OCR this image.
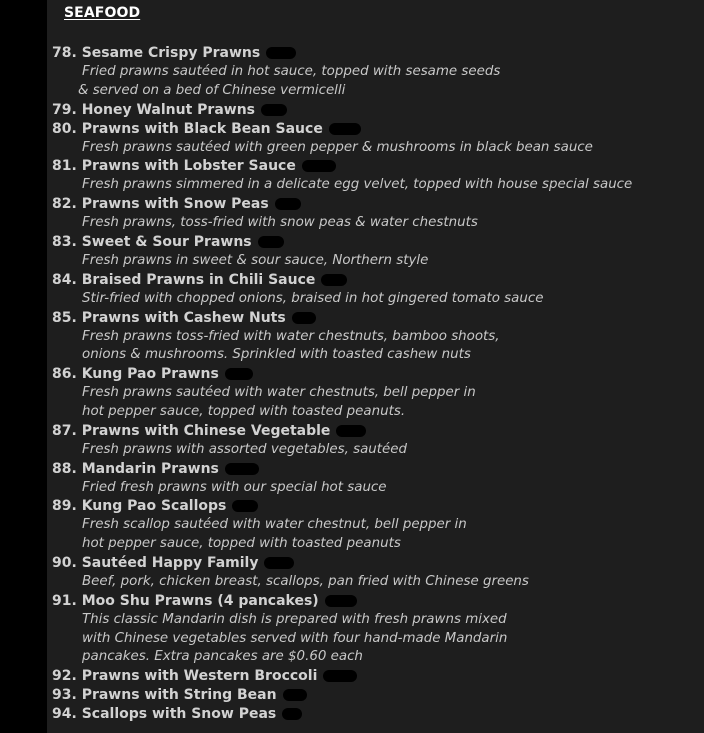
SEAFOOD
78. Sesame Crispy Prawns
Fried prawns sautéed in hot sauce, topped with sesame seeds
& served on a bed of Chinese vermicelli
79. Honey Walnut Prawns
80. Prawns with Black Bean Sauce
Fresh prawns sautéed with green pepper & mushrooms in black bean sauce
81. Prawns with Lobster Sauce
Fresh prawns simmered in a delicate egg velvet, topped with house special sauce
82. Prawns with Snow Peas
Fresh prawns, toss-fried with snow peas & water chestnuts
83. Sweet & Sour Prawns
Fresh prawns in sweet & sour sauce, Northern style
84. Braised Prawns in Chili Sauce
Stir-fried with chopped onions, braised in hot gingered tomato sauce
85. Prawns with Cashew Nuts
Fresh prawns toss-fried with water chestnuts, bamboo shoots,
onions & mushrooms. Sprinkled with toasted cashew nuts
86. Kung Pao Prawns
Fresh prawns sautéed with water chestnuts, bell pepper in
hot pepper sauce, topped with toasted peanuts.
87. Prawns with Chinese Vegetable
Fresh prawns with assorted vegetables, sautéed
88. Mandarin Prawns
Fried fresh prawns with our special hot sauce
89. Kung Pao Scallops
Fresh scallop sautéed with water chestnut, bell pepper in
hot pepper sauce, topped with toasted peanuts
90. Sautéed Happy Family
Beef, pork, chicken breast, scallops, pan fried with Chinese greens
91. Moo Shu Prawns (4 pancakes)
This classic Mandarin dish is prepared with fresh prawns mixed
with Chinese vegetables served with four hand-made Mandarin
pancakes. Extra pancakes are $0.60 each
92. Prawns with Western Broccoli
93. Prawns with String Bean
94. Scallops with Snow Peas
